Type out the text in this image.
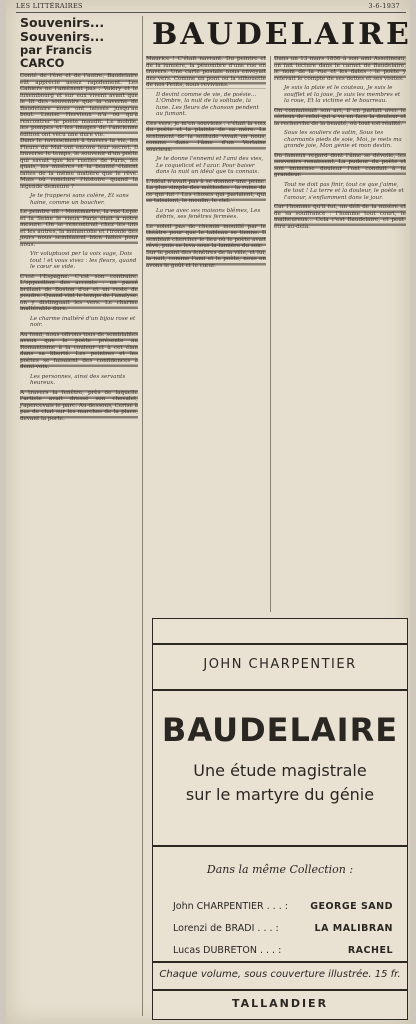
LES LITTÉRAIRES	3-6-1937
Souvenirs... Souvenirs...
par Francis CARCO
Conté de l'ère et de l'autre, Baudelaire eût apprécié assez rapidement. Les Cahiers ne l'amènent pas : Valéry et le luxembourg et sur eux vivent avant que le lit des souvenirs que la caverne de Baudelaire nous ont laissés jusqu'au bout. Louise Hervieux n'a ou qu'à rencontrer le poète maudit. Le mobile, les pompes et les images de l'ancienne édition ont vécu une dure vie.
Dans le ravissement à travers la vie, les Fleurs du Mal ont encore leur secret. Il traverse le temps, le souvenir d'un poète qui savait que les ruelles de Paris, les quais, les misères et la beauté étaient faites de la même matière que le rêve. Mais où conclure l'histoire quand la légende demeure ?
Je te frappersi sans colère, Et sans haine, comme un boucher.
Le peintre dit : Montmartre, la rue Lepic et la Seine le vieux Paris était à notre mesure. On se rencontrait chez les uns et les autres, la mélancolie et l'ironie des jours nous semblaient bien faites pour nous.
Vir voluptuosi per la voix sage, Dois tout ! et vous vivez : les fleurs, quand le cœur se vide.
C'est l'Espagne. C'est son contraire. L'opposition des accents : un passé brillant de Boston d'or et un reste de poudre. Quand vint le temps de l'analyse, on y distinguait les vers. Le charme inaltérable dure.
Le charme inaltéré d'un bijou rose et noir.
Au fond, nous offrons tous de semblables aveux que le poète présente au Romantisme à la couleur et à cet élan dans sa liberté. Les peintres et les poètes se faisaient des confidences à demi-voix.
Les personnes, ainsi des servants heureux.
A travers la fenêtre, près de laquelle l'artiste avait dressé son chevalet, j'apercevais le parc. Au-dessous, Cerise à pas de chat sur les marches de la place, devant la porte.
BAUDELAIRE
Maurice ! C'était navrant. Du peintre et de la lumière, la pénombre d'une rue en travers. Une carte postale nous envoyait des vers. Comme un pont ou la silhouette de nos Petits, nous revivions.
Il devint comme de vie, de poésie... L'Ombre, la nuit de la solitude, la lune. Les fleurs de chanson pendent au fumant.
Ces vers, je m'en souviens : c'était la voix du poète et la plainte de sa mère. Le sentiment de la solitude vivait en nous, comme dans l'âme d'un Verlaine soucieux.
Je te donne l'ennemi et l'ami des vies, Le coquelicot et l'azur. Pour baiser dans la nuit un idéal que tu connais.
L'Idéal n'avait pas à se donner une peine. La plus simple des méthodes : la ruine de ce qui fut ! Les choses qui parlaient, qui se taisaient, le moulin, le ciel.
La rue avec ses maisons blêmes, Les débris, ses fenêtres fermées.
Le soleil pas de chemin mouillé par le théâtre pour que le tableau se tienne. Il semblait chercher le lieu où le poète avait rêvé, puis se leva sous la lumière du soir.
Sur le point des fenêtres de la ville, et lui, la nuit, comme l'ami et le poète, nous en avons le goût et le cœur.
Dans un 13 mars 1856 à son ami Asselineau, on fait lecture dans le carnet de Baudelaire, le nom de la rue et les dates : le poète y relevait le compte de ses dettes et ses visites.
Je suis la plaie et le couteau, Je suis le soufflet et la joue, Je suis les membres et la roue, Et la victime et le bourreau.
On connaissait son art, il en parlait avec le sérieux de celui qui a vu en face la douleur et la recherche de la beauté, où tout est réalité.
Sous les souliers de satin, Sous tes charmants pieds de soie, Moi, je mets ma grande joie, Mon génie et mon destin.
Du fameux regard dont l'âme se dévoile, les souvenirs renaissent. La pudeur du poète et son immense douleur l'ont conduit à la grandeur.
Tout ne doit pas finir, tout ce que j'aime, de tout ! La terre et la douleur, le poète et l'amour, s'enflamment dans le jour.
Car l'homme qu'il fut, un défi de la misère et de sa souffrance : l'homme tout court, le malheureux... Cela c'est Baudelaire, et peut-être au-delà.
JOHN CHARPENTIER
BAUDELAIRE
Une étude magistrale
sur le martyre du génie
Dans la même Collection :
John CHARPENTIER . . . : GEORGE SAND
Lorenzi de BRADI . . . :	LA MALIBRAN
Lucas DUBRETON . . . :	RACHEL
Chaque volume, sous couverture illustrée. 15 fr.
TALLANDIER
